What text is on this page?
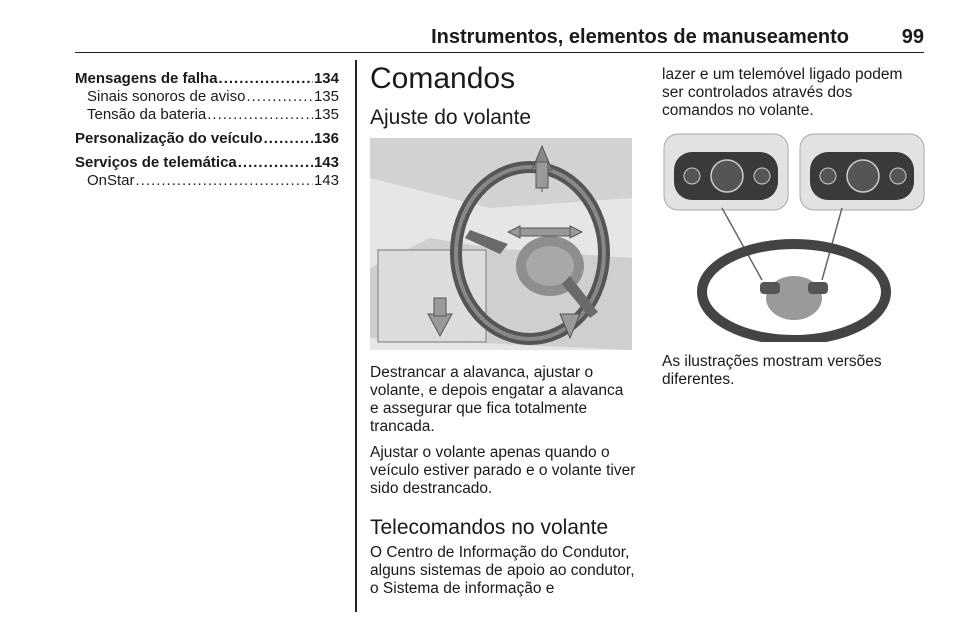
Instrumentos, elementos de manuseamento	99
Mensagens de falha .....	134
Sinais sonoros de aviso .....	135
Tensão da bateria .....	135
Personalização do veículo .....	136
Serviços de telemática .....	143
OnStar .....	143
Comandos
Ajuste do volante

Destrancar a alavanca, ajustar o volante, e depois engatar a alavanca e assegurar que fica totalmente trancada.

Ajustar o volante apenas quando o veículo estiver parado e o volante tiver sido destrancado.

Telecomandos no volante

O Centro de Informação do Condutor, alguns sistemas de apoio ao condutor, o Sistema de informação e

lazer e um telemóvel ligado podem ser controlados através dos comandos no volante.

As ilustrações mostram versões diferentes.
